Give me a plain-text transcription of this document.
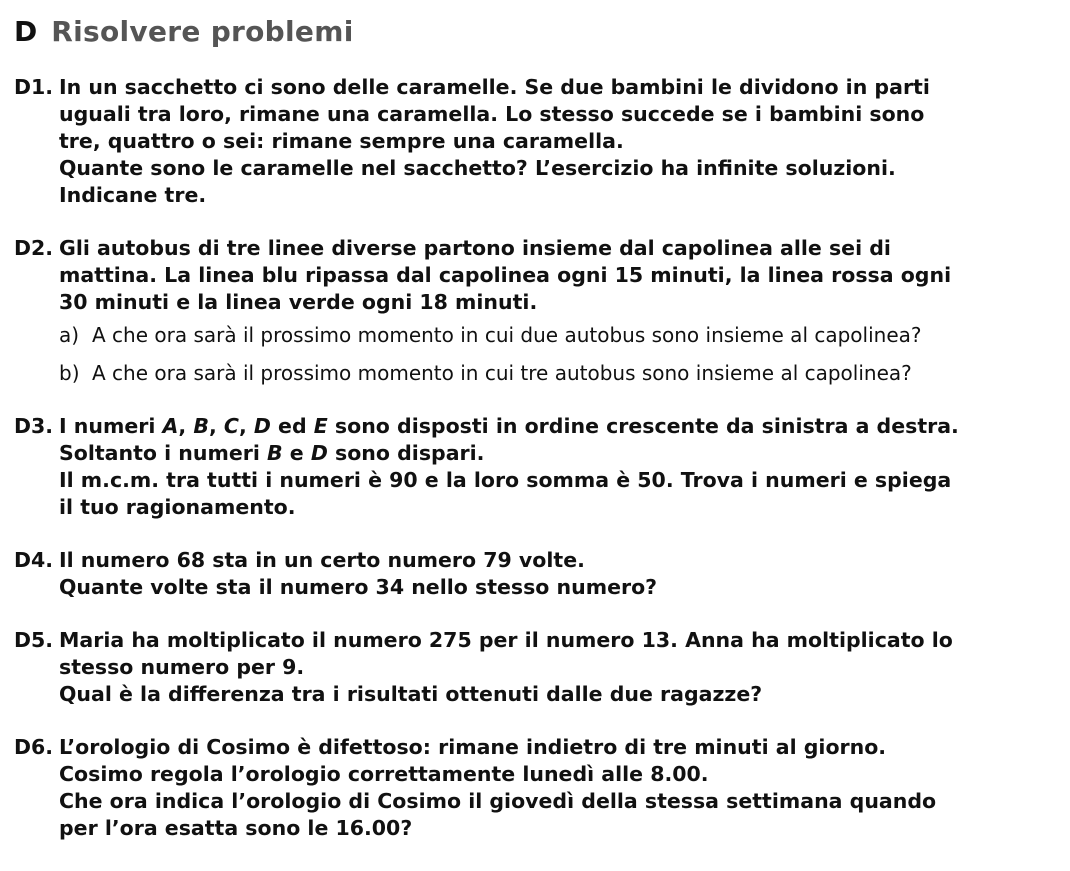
D Risolvere problemi
D1. In un sacchetto ci sono delle caramelle. Se due bambini le dividono in parti

uguali tra loro, rimane una caramella. Lo stesso succede se i bambini sono

tre, quattro o sei: rimane sempre una caramella.

Quante sono le caramelle nel sacchetto? L’esercizio ha infinite soluzioni.

Indicane tre.

D2. Gli autobus di tre linee diverse partono insieme dal capolinea alle sei di

mattina. La linea blu ripassa dal capolinea ogni 15 minuti, la linea rossa ogni

30 minuti e la linea verde ogni 18 minuti.

a) A che ora sarà il prossimo momento in cui due autobus sono insieme al capolinea?
b) A che ora sarà il prossimo momento in cui tre autobus sono insieme al capolinea?
D3. I numeri A, B, C, D ed E sono disposti in ordine crescente da sinistra a destra.

Soltanto i numeri B e D sono dispari.

Il m.c.m. tra tutti i numeri è 90 e la loro somma è 50. Trova i numeri e spiega

il tuo ragionamento.

D4. Il numero 68 sta in un certo numero 79 volte.

Quante volte sta il numero 34 nello stesso numero?

D5. Maria ha moltiplicato il numero 275 per il numero 13. Anna ha moltiplicato lo

stesso numero per 9.

Qual è la differenza tra i risultati ottenuti dalle due ragazze?

D6. L’orologio di Cosimo è difettoso: rimane indietro di tre minuti al giorno.

Cosimo regola l’orologio correttamente lunedì alle 8.00.

Che ora indica l’orologio di Cosimo il giovedì della stessa settimana quando

per l’ora esatta sono le 16.00?
